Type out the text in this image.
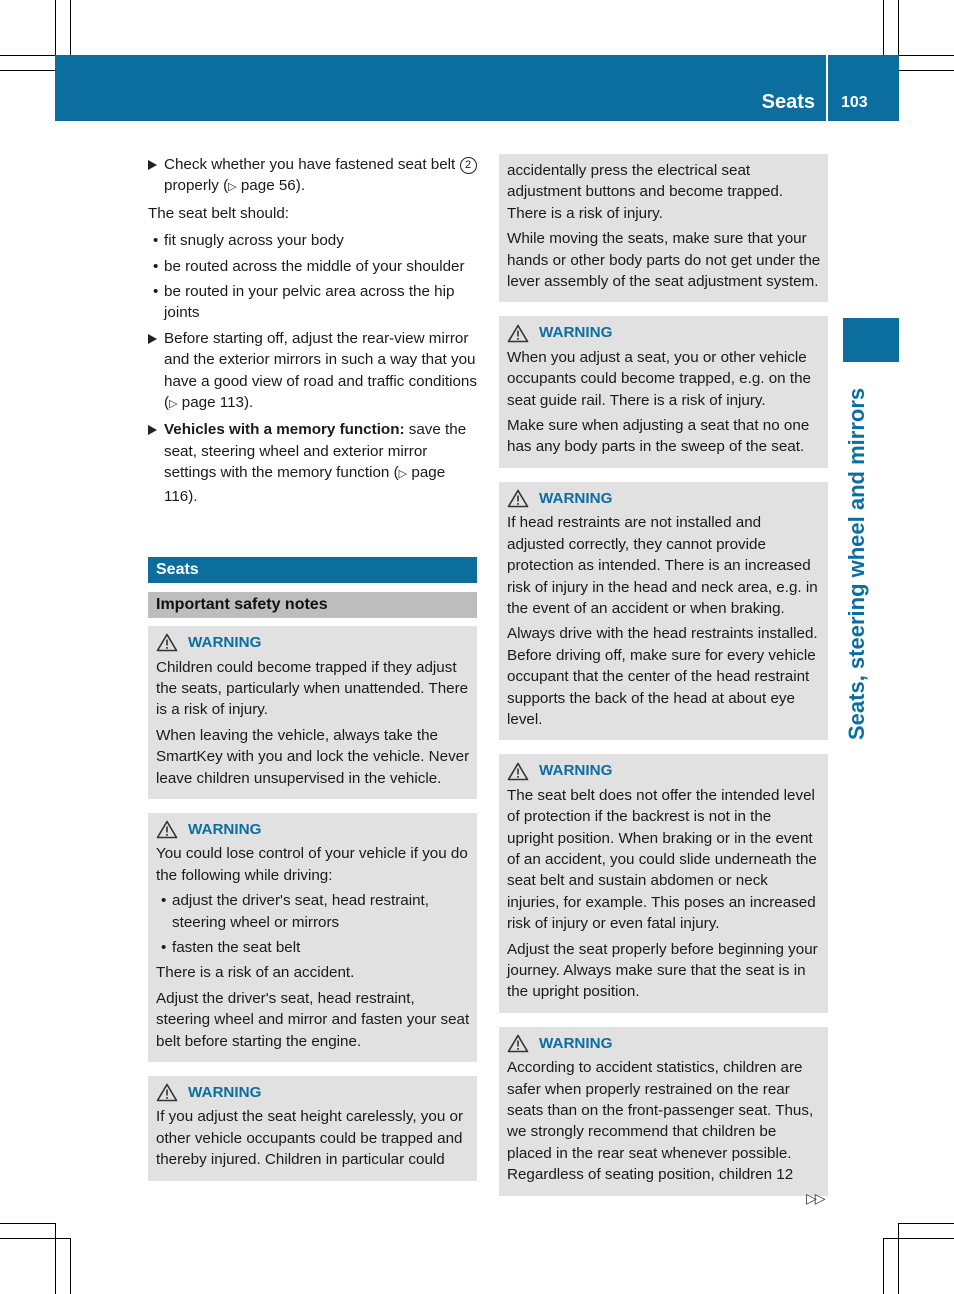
Seats 103
Seats, steering wheel and mirrors
Check whether you have fastened seat belt 2 properly (▷ page 56).

The seat belt should:

• fit snugly across your body
• be routed across the middle of your shoulder
• be routed in your pelvic area across the hip joints
Before starting off, adjust the rear-view mirror and the exterior mirrors in such a way that you have a good view of road and traffic conditions (▷ page 113).
Vehicles with a memory function: save the seat, steering wheel and exterior mirror settings with the memory function (▷ page 116).
Seats
Important safety notes
WARNING

Children could become trapped if they adjust the seats, particularly when unattended. There is a risk of injury.

When leaving the vehicle, always take the SmartKey with you and lock the vehicle. Never leave children unsupervised in the vehicle.

WARNING

You could lose control of your vehicle if you do the following while driving:

• adjust the driver's seat, head restraint, steering wheel or mirrors
• fasten the seat belt

There is a risk of an accident.

Adjust the driver's seat, head restraint, steering wheel and mirror and fasten your seat belt before starting the engine.

WARNING

If you adjust the seat height carelessly, you or other vehicle occupants could be trapped and thereby injured. Children in particular could

accidentally press the electrical seat adjustment buttons and become trapped. There is a risk of injury.

While moving the seats, make sure that your hands or other body parts do not get under the lever assembly of the seat adjustment system.

WARNING

When you adjust a seat, you or other vehicle occupants could become trapped, e.g. on the seat guide rail. There is a risk of injury.

Make sure when adjusting a seat that no one has any body parts in the sweep of the seat.

WARNING

If head restraints are not installed and adjusted correctly, they cannot provide protection as intended. There is an increased risk of injury in the head and neck area, e.g. in the event of an accident or when braking.

Always drive with the head restraints installed. Before driving off, make sure for every vehicle occupant that the center of the head restraint supports the back of the head at about eye level.

WARNING

The seat belt does not offer the intended level of protection if the backrest is not in the upright position. When braking or in the event of an accident, you could slide underneath the seat belt and sustain abdomen or neck injuries, for example. This poses an increased risk of injury or even fatal injury.

Adjust the seat properly before beginning your journey. Always make sure that the seat is in the upright position.

WARNING

According to accident statistics, children are safer when properly restrained on the rear seats than on the front-passenger seat. Thus, we strongly recommend that children be placed in the rear seat whenever possible. Regardless of seating position, children 12

▷▷
